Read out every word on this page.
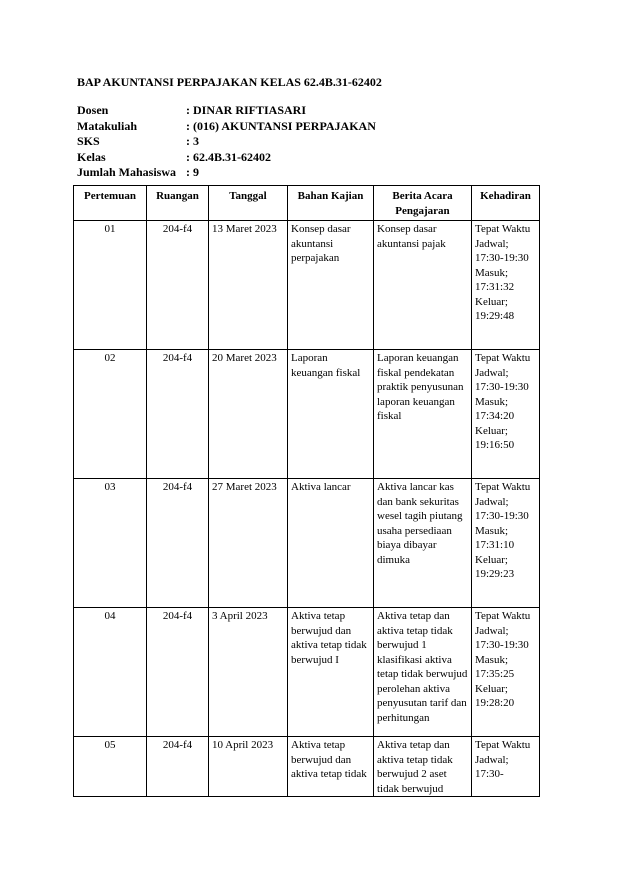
BAP AKUNTANSI PERPAJAKAN KELAS 62.4B.31-62402
Dosen	: DINAR RIFTIASARI
Matakuliah	: (016) AKUNTANSI PERPAJAKAN
SKS	: 3
Kelas	: 62.4B.31-62402
Jumlah Mahasiswa : 9
Pertemuan	Ruangan	Tanggal	Bahan Kajian	Berita Acara Pengajaran	Kehadiran
01	204-f4	13 Maret 2023	Konsep dasar akuntansi perpajakan	Konsep dasar akuntansi pajak	Tepat Waktu Jadwal; 17:30-19:30 Masuk; 17:31:32 Keluar; 19:29:48
02	204-f4	20 Maret 2023	Laporan keuangan fiskal	Laporan keuangan fiskal pendekatan praktik penyusunan laporan keuangan fiskal	Tepat Waktu Jadwal; 17:30-19:30 Masuk; 17:34:20 Keluar; 19:16:50
03	204-f4	27 Maret 2023	Aktiva lancar	Aktiva lancar kas dan bank sekuritas wesel tagih piutang usaha persediaan biaya dibayar dimuka	Tepat Waktu Jadwal; 17:30-19:30 Masuk; 17:31:10 Keluar; 19:29:23
04	204-f4	3 April 2023	Aktiva tetap berwujud dan aktiva tetap tidak berwujud I	Aktiva tetap dan aktiva tetap tidak berwujud 1 klasifikasi aktiva tetap tidak berwujud perolehan aktiva penyusutan tarif dan perhitungan	Tepat Waktu Jadwal; 17:30-19:30 Masuk; 17:35:25 Keluar; 19:28:20
05	204-f4	10 April 2023	Aktiva tetap berwujud dan aktiva tetap tidak	Aktiva tetap dan aktiva tetap tidak berwujud 2 aset tidak berwujud	Tepat Waktu Jadwal; 17:30-
